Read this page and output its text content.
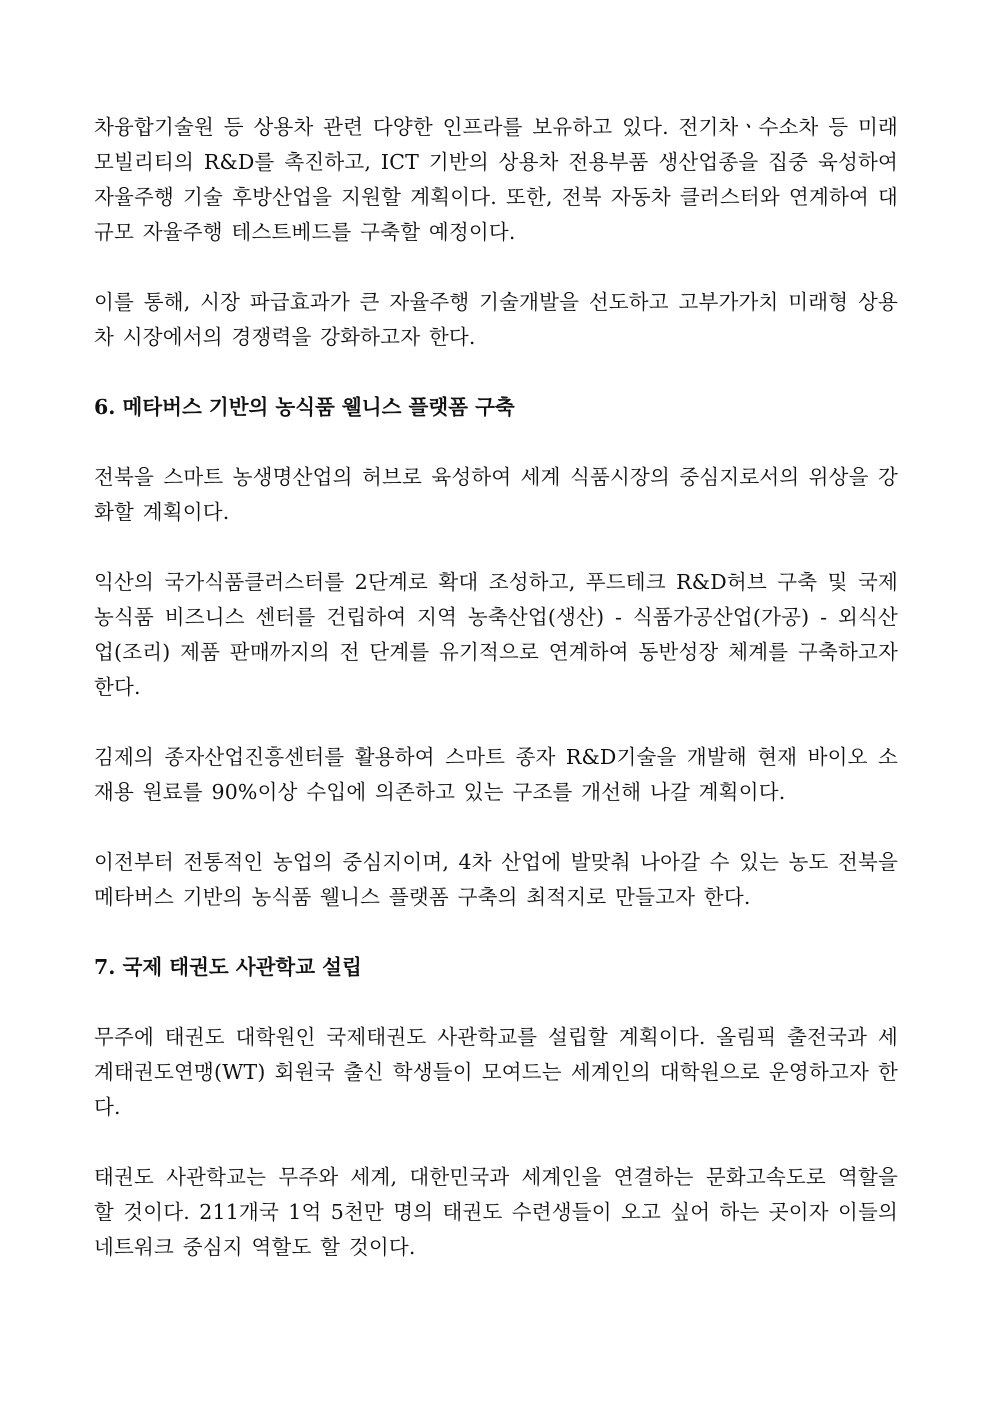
차융합기술원 등 상용차 관련 다양한 인프라를 보유하고 있다. 전기차ㆍ수소차 등 미래 모빌리티의 R&D를 촉진하고, ICT 기반의 상용차 전용부품 생산업종을 집중 육성하여 자율주행 기술 후방산업을 지원할 계획이다. 또한, 전북 자동차 클러스터와 연계하여 대규모 자율주행 테스트베드를 구축할 예정이다.

이를 통해, 시장 파급효과가 큰 자율주행 기술개발을 선도하고 고부가가치 미래형 상용차 시장에서의 경쟁력을 강화하고자 한다.

6. 메타버스 기반의 농식품 웰니스 플랫폼 구축

전북을 스마트 농생명산업의 허브로 육성하여 세계 식품시장의 중심지로서의 위상을 강화할 계획이다.

익산의 국가식품클러스터를 2단계로 확대 조성하고, 푸드테크 R&D허브 구축 및 국제 농식품 비즈니스 센터를 건립하여 지역 농축산업(생산) - 식품가공산업(가공) - 외식산업(조리) 제품 판매까지의 전 단계를 유기적으로 연계하여 동반성장 체계를 구축하고자 한다.

김제의 종자산업진흥센터를 활용하여 스마트 종자 R&D기술을 개발해 현재 바이오 소재용 원료를 90%이상 수입에 의존하고 있는 구조를 개선해 나갈 계획이다.

이전부터 전통적인 농업의 중심지이며, 4차 산업에 발맞춰 나아갈 수 있는 농도 전북을 메타버스 기반의 농식품 웰니스 플랫폼 구축의 최적지로 만들고자 한다.

7. 국제 태권도 사관학교 설립

무주에 태권도 대학원인 국제태권도 사관학교를 설립할 계획이다. 올림픽 출전국과 세계태권도연맹(WT) 회원국 출신 학생들이 모여드는 세계인의 대학원으로 운영하고자 한다.

태권도 사관학교는 무주와 세계, 대한민국과 세계인을 연결하는 문화고속도로 역할을 할 것이다. 211개국 1억 5천만 명의 태권도 수련생들이 오고 싶어 하는 곳이자 이들의 네트워크 중심지 역할도 할 것이다.
